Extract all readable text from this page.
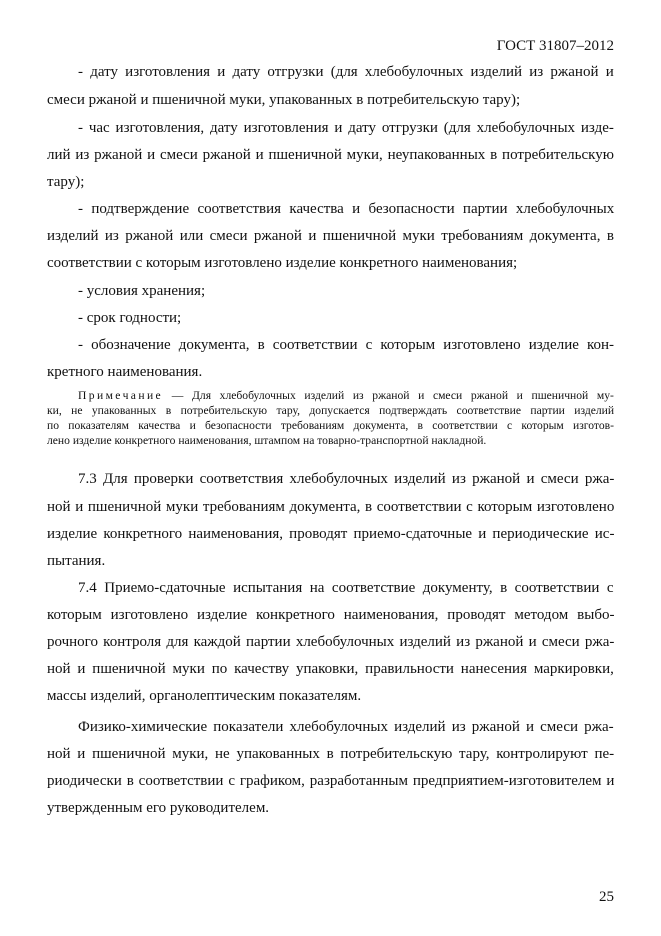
ГОСТ 31807–2012
- дату изготовления и дату отгрузки (для хлебобулочных изделий из ржаной и
смеси ржаной и пшеничной муки, упакованных в потребительскую тару);
- час изготовления, дату изготовления и дату отгрузки (для хлебобулочных изде-
лий из ржаной и смеси ржаной и пшеничной муки, неупакованных в потребительскую
тару);
- подтверждение соответствия качества и безопасности партии хлебобулочных
изделий из ржаной или смеси ржаной и пшеничной муки требованиям документа, в
соответствии с которым изготовлено изделие конкретного наименования;
- условия хранения;
- срок годности;
- обозначение документа, в соответствии с которым изготовлено изделие кон-
кретного наименования.
Примечание — Для хлебобулочных изделий из ржаной и смеси ржаной и пшеничной му-
ки, не упакованных в потребительскую тару, допускается подтверждать соответствие партии изделий
по показателям качества и безопасности требованиям документа, в соответствии с которым изготов-
лено изделие конкретного наименования, штампом на товарно-транспортной накладной.
7.3 Для проверки соответствия хлебобулочных изделий из ржаной и смеси ржа-
ной и пшеничной муки требованиям документа, в соответствии с которым изготовлено
изделие конкретного наименования, проводят приемо-сдаточные и периодические ис-
пытания.
7.4 Приемо-сдаточные испытания на соответствие документу, в соответствии с
которым изготовлено изделие конкретного наименования, проводят методом выбо-
рочного контроля для каждой партии хлебобулочных изделий из ржаной и смеси ржа-
ной и пшеничной муки по качеству упаковки, правильности нанесения маркировки,
массы изделий, органолептическим показателям.
Физико-химические показатели хлебобулочных изделий из ржаной и смеси ржа-
ной и пшеничной муки, не упакованных в потребительскую тару, контролируют пе-
риодически в соответствии с графиком, разработанным предприятием-изготовителем и
утвержденным его руководителем.
25
